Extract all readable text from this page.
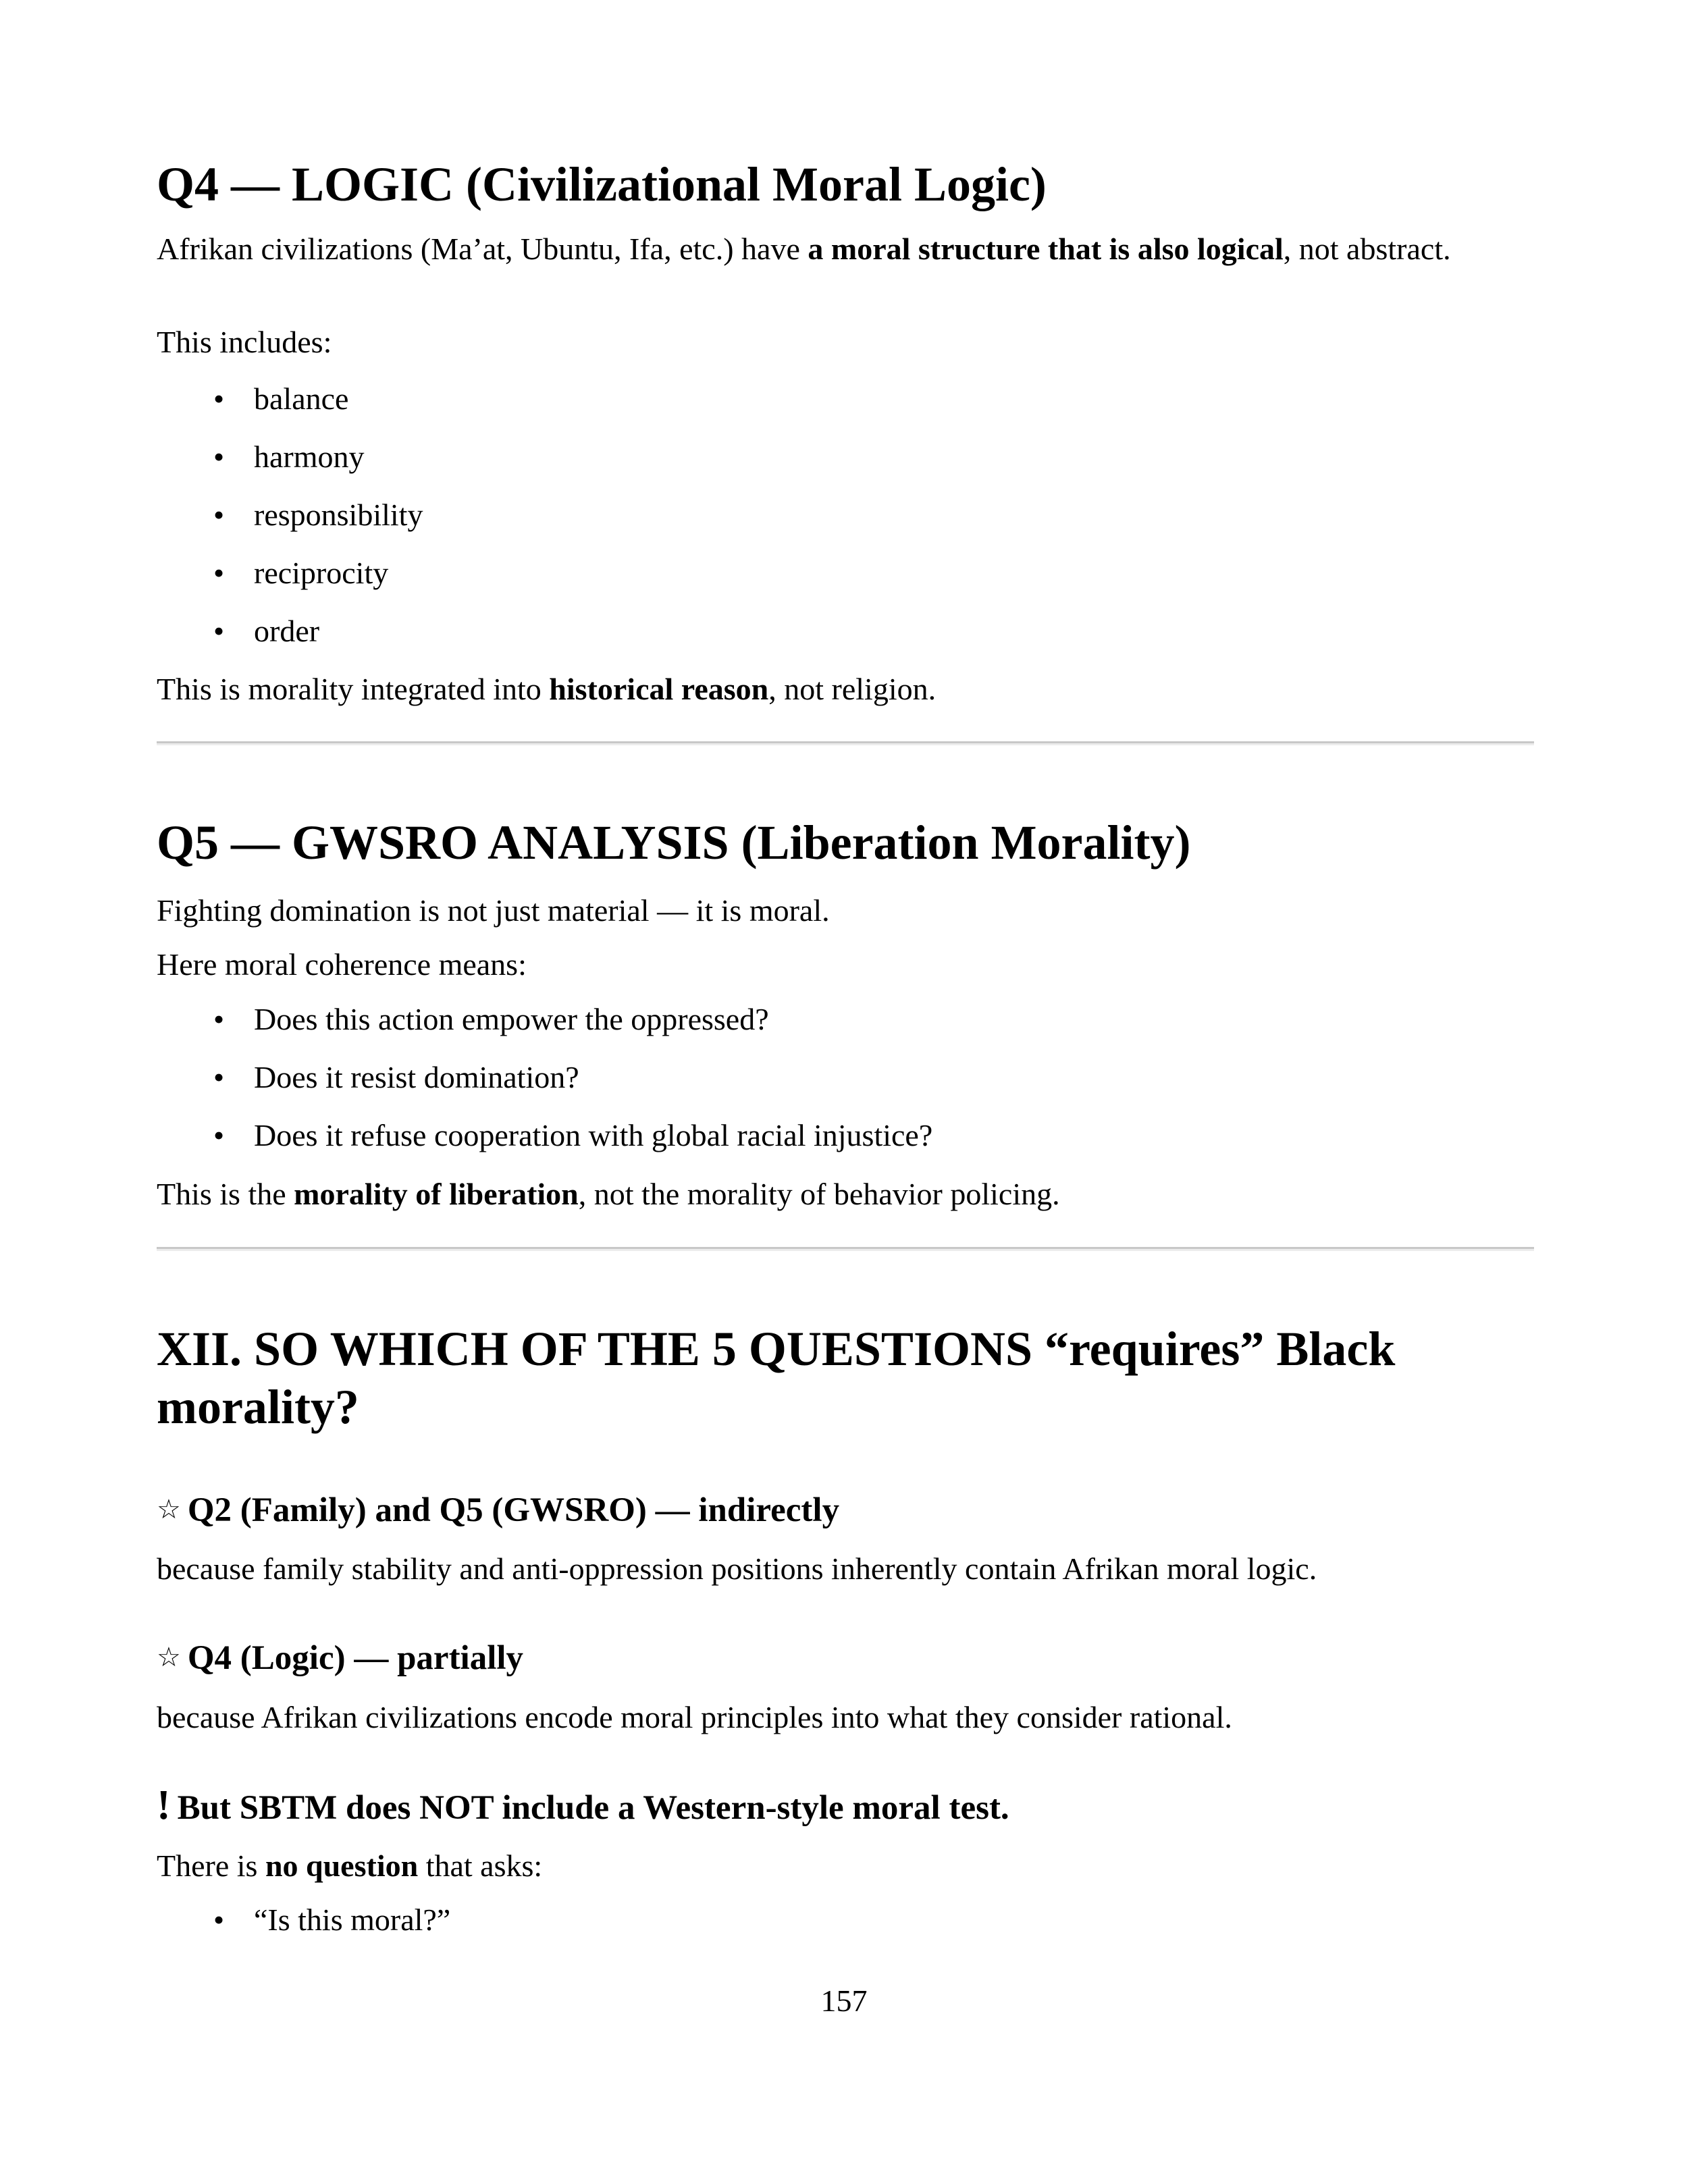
Q4 — LOGIC (Civilizational Moral Logic)

Afrikan civilizations (Ma’at, Ubuntu, Ifa, etc.) have a moral structure that is also logical, not abstract.

This includes:

• balance
• harmony
• responsibility
• reciprocity
• order

This is morality integrated into historical reason, not religion.

Q5 — GWSRO ANALYSIS (Liberation Morality)

Fighting domination is not just material — it is moral.

Here moral coherence means:

• Does this action empower the oppressed?
• Does it resist domination?
• Does it refuse cooperation with global racial injustice?

This is the morality of liberation, not the morality of behavior policing.

XII. SO WHICH OF THE 5 QUESTIONS “requires” Black
morality?
☆ Q2 (Family) and Q5 (GWSRO) — indirectly

because family stability and anti-oppression positions inherently contain Afrikan moral logic.

☆ Q4 (Logic) — partially

because Afrikan civilizations encode moral principles into what they consider rational.

! But SBTM does NOT include a Western-style moral test.

There is no question that asks:

• “Is this moral?”
157
